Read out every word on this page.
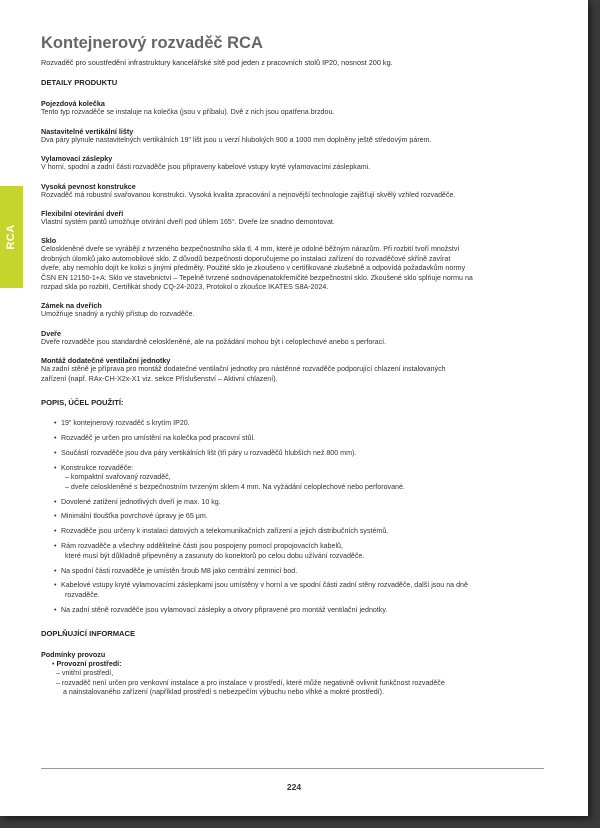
RCA
Kontejnerový rozvaděč RCA
Rozvaděč pro soustředění infrastruktury kancelářské sítě pod jeden z pracovních stolů IP20, nosnost 200 kg.
DETAILY PRODUKTU
Pojezdová kolečka
Tento typ rozvaděče se instaluje na kolečka (jsou v příbalu). Dvě z nich jsou opatřena brzdou.
Nastavitelné vertikální lišty
Dva páry plynule nastavitelných vertikálních 19" lišt jsou u verzí hlubokých 900 a 1000 mm doplněny ještě středovým párem.
Vylamovací záslepky
V horní, spodní a zadní části rozvaděče jsou připraveny kabelové vstupy kryté vylamovacími záslepkami.
Vysoká pevnost konstrukce
Rozvaděč má robustní svařovanou konstrukci. Vysoká kvalita zpracování a nejnovější technologie zajišťují skvělý vzhled rozvaděče.
Flexibilní otevírání dveří
Vlastní systém pantů umožňuje otvírání dveří pod úhlem 165°. Dveře lze snadno demontovat.
Sklo
Celoskleněné dveře se vyrábějí z tvrzeného bezpečnostního skla tl. 4 mm, které je odolné běžným nárazům. Při rozbití tvoří množství
drobných úlomků jako automobilové sklo. Z důvodů bezpečnosti doporučujeme po instalaci zařízení do rozvaděčové skříně zavírat
dveře, aby nemohlo dojít ke kolizi s jinými předměty. Použité sklo je zkoušeno v certifikované zkušebně a odpovídá požadavkům normy
ČSN EN 12150-1+A: Sklo ve stavebnictví – Tepelně tvrzené sodnovápenatokřemičité bezpečnostní sklo. Zkoušené sklo splňuje normu na
rozpad skla po rozbití, Certifikát shody CQ-24-2023, Protokol o zkoušce IKATES S8A-2024.
Zámek na dveřích
Umožňuje snadný a rychlý přístup do rozvaděče.
Dveře
Dveře rozvaděče jsou standardně celoskleněné, ale na požádání mohou být i celoplechové anebo s perforací.
Montáž dodatečné ventilační jednotky
Na zadní stěně je příprava pro montáž dodatečné ventilační jednotky pro nástěnné rozvaděče podporující chlazení instalovaných
zařízení (např. RAx-CH-X2x-X1 viz. sekce Příslušenství – Aktivní chlazení).
POPIS, ÚČEL POUŽITÍ:
• 19" kontejnerový rozvaděč s krytím IP20.
• Rozvaděč je určen pro umístění na kolečka pod pracovní stůl.
• Součástí rozvaděče jsou dva páry vertikálních lišt (tři páry u rozvaděčů hlubších než 800 mm).
• Konstrukce rozvaděče:
– kompaktní svařovaný rozvaděč,
– dveře celoskleněné s bezpečnostním tvrzeným sklem 4 mm. Na vyžádání celoplechové nebo perforované.
• Dovolené zatížení jednotlivých dveří je max. 10 kg.
• Minimální tloušťka povrchové úpravy je 65 μm.
• Rozvaděče jsou určeny k instalaci datových a telekomunikačních zařízení a jejich distribučních systémů.
• Rám rozvaděče a všechny oddělitelné části jsou pospojeny pomocí propojovacích kabelů,
které musí být důkladně připevněny a zasunuty do konektorů po celou dobu užívání rozvaděče.
• Na spodní části rozvaděče je umístěn šroub M8 jako centrální zemnicí bod.
• Kabelové vstupy kryté vylamovacími záslepkami jsou umístěny v horní a ve spodní části zadní stěny rozvaděče, další jsou na dně
rozvaděče.
• Na zadní stěně rozvaděče jsou vylamovací záslepky a otvory připravené pro montáž ventilační jednotky.
DOPLŇUJÍCÍ INFORMACE
Podmínky provozu
• Provozní prostředí:
– vnitřní prostředí,
– rozvaděč není určen pro venkovní instalace a pro instalace v prostředí, které může negativně ovlivnit funkčnost rozvaděče
a nainstalovaného zařízení (například prostředí s nebezpečím výbuchu nebo vlhké a mokré prostředí).
224
